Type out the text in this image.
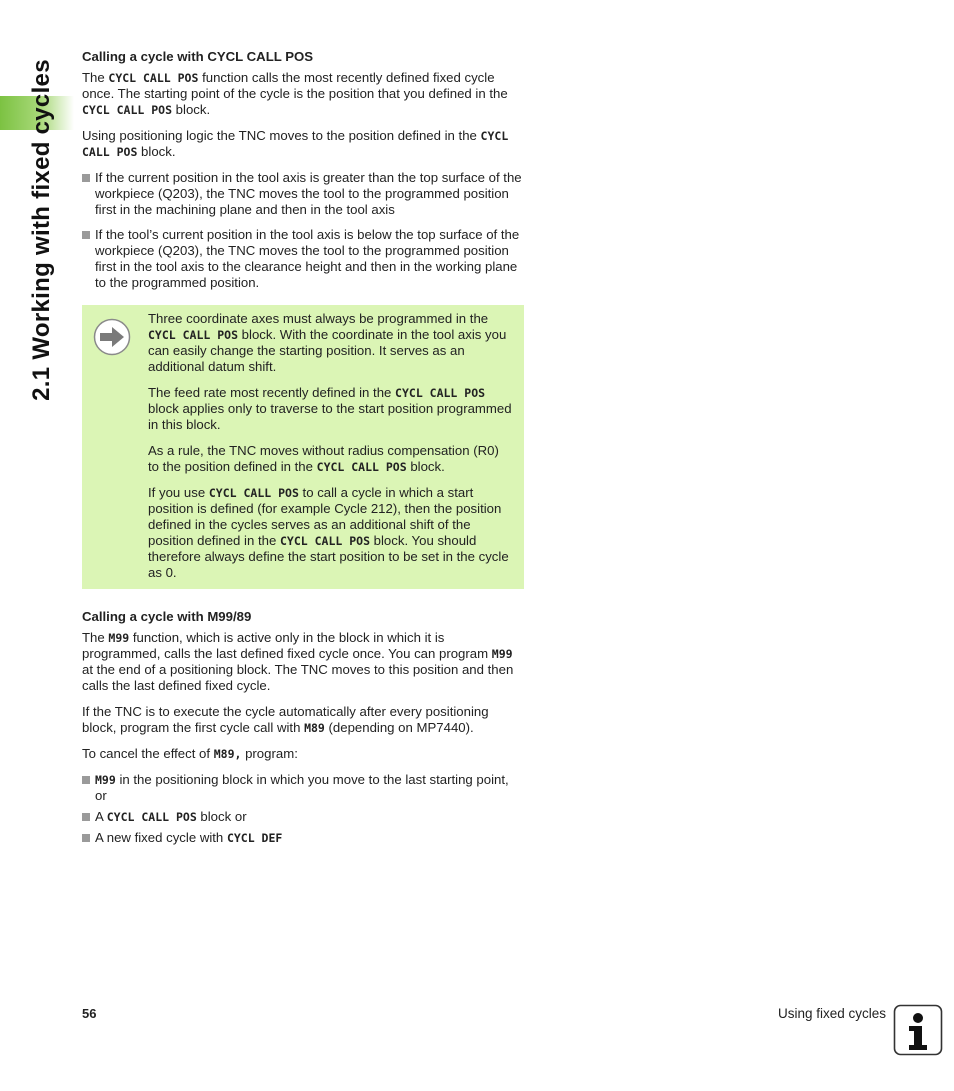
2.1 Working with fixed cycles
Calling a cycle with CYCL CALL POS

The CYCL CALL POS function calls the most recently defined fixed cycle once. The starting point of the cycle is the position that you defined in the CYCL CALL POS block.

Using positioning logic the TNC moves to the position defined in the CYCL CALL POS block.

If the current position in the tool axis is greater than the top surface of the workpiece (Q203), the TNC moves the tool to the programmed position first in the machining plane and then in the tool axis
If the tool’s current position in the tool axis is below the top surface of the workpiece (Q203), the TNC moves the tool to the programmed position first in the tool axis to the clearance height and then in the working plane to the programmed position.

Three coordinate axes must always be programmed in the CYCL CALL POS block. With the coordinate in the tool axis you can easily change the starting position. It serves as an additional datum shift.

The feed rate most recently defined in the CYCL CALL POS block applies only to traverse to the start position programmed in this block.

As a rule, the TNC moves without radius compensation (R0) to the position defined in the CYCL CALL POS block.

If you use CYCL CALL POS to call a cycle in which a start position is defined (for example Cycle 212), then the position defined in the cycles serves as an additional shift of the position defined in the CYCL CALL POS block. You should therefore always define the start position to be set in the cycle as 0.

Calling a cycle with M99/89

The M99 function, which is active only in the block in which it is programmed, calls the last defined fixed cycle once. You can program M99 at the end of a positioning block. The TNC moves to this position and then calls the last defined fixed cycle.

If the TNC is to execute the cycle automatically after every positioning block, program the first cycle call with M89 (depending on MP7440).

To cancel the effect of M89, program:

M99 in the positioning block in which you move to the last starting point, or
A CYCL CALL POS block or
A new fixed cycle with CYCL DEF
56	Using fixed cycles
